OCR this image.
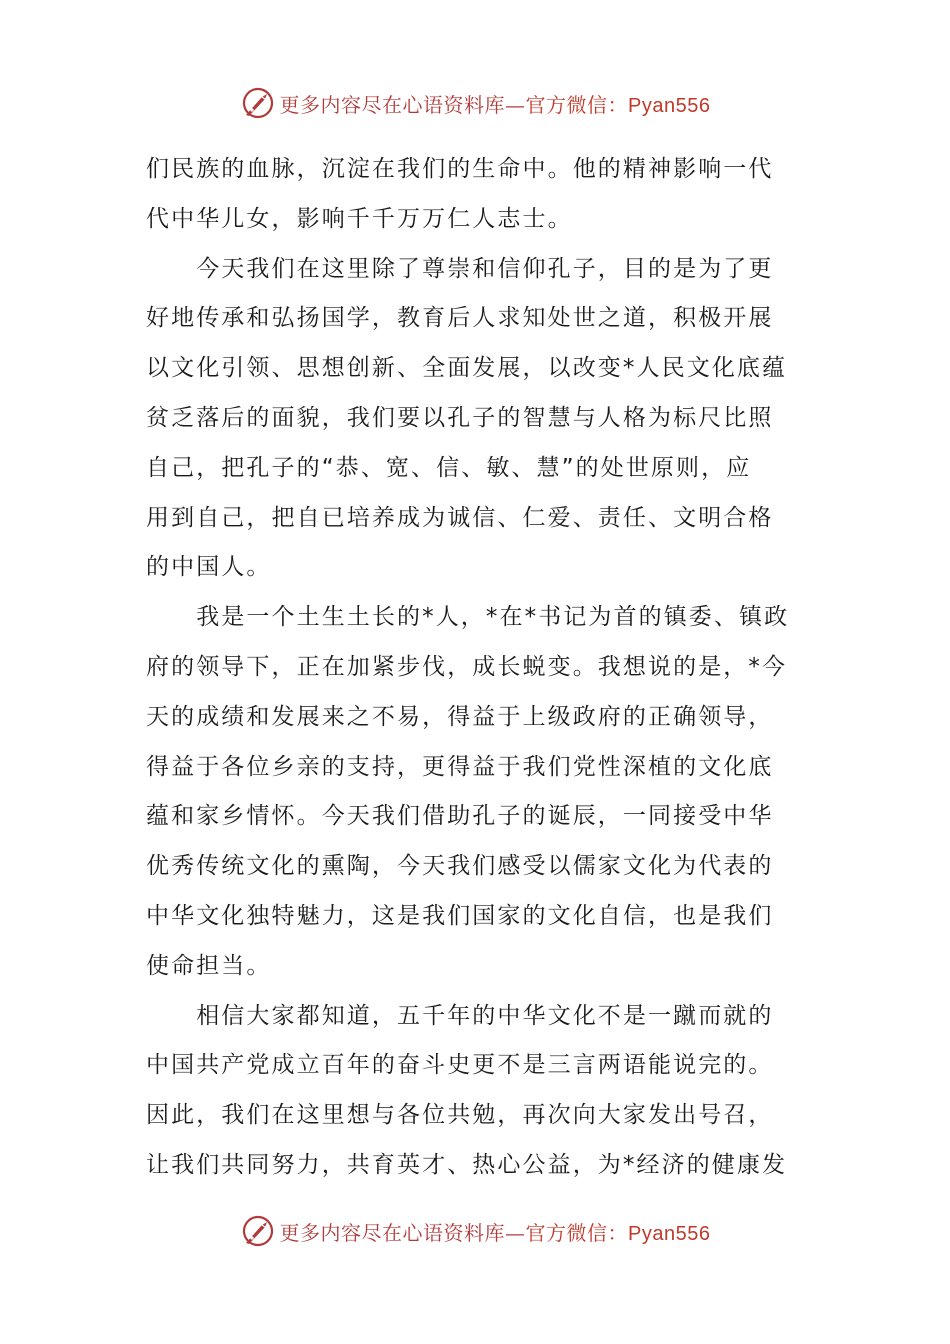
更多内容尽在心语资料库—官方微信：Pyan556
们民族的血脉，沉淀在我们的生命中。他的精神影响一代
代中华儿女，影响千千万万仁人志士。
　　今天我们在这里除了尊崇和信仰孔子，目的是为了更
好地传承和弘扬国学，教育后人求知处世之道，积极开展
以文化引领、思想创新、全面发展，以改变*人民文化底蕴
贫乏落后的面貌，我们要以孔子的智慧与人格为标尺比照
自己，把孔子的“恭、宽、信、敏、慧”的处世原则，应
用到自己，把自已培养成为诚信、仁爱、责任、文明合格
的中国人。
　　我是一个土生土长的*人，*在*书记为首的镇委、镇政
府的领导下，正在加紧步伐，成长蜕变。我想说的是，*今
天的成绩和发展来之不易，得益于上级政府的正确领导，
得益于各位乡亲的支持，更得益于我们党性深植的文化底
蕴和家乡情怀。今天我们借助孔子的诞辰，一同接受中华
优秀传统文化的熏陶，今天我们感受以儒家文化为代表的
中华文化独特魅力，这是我们国家的文化自信，也是我们
使命担当。
　　相信大家都知道，五千年的中华文化不是一蹴而就的
中国共产党成立百年的奋斗史更不是三言两语能说完的。
因此，我们在这里想与各位共勉，再次向大家发出号召，
让我们共同努力，共育英才、热心公益，为*经济的健康发
更多内容尽在心语资料库—官方微信：Pyan556
